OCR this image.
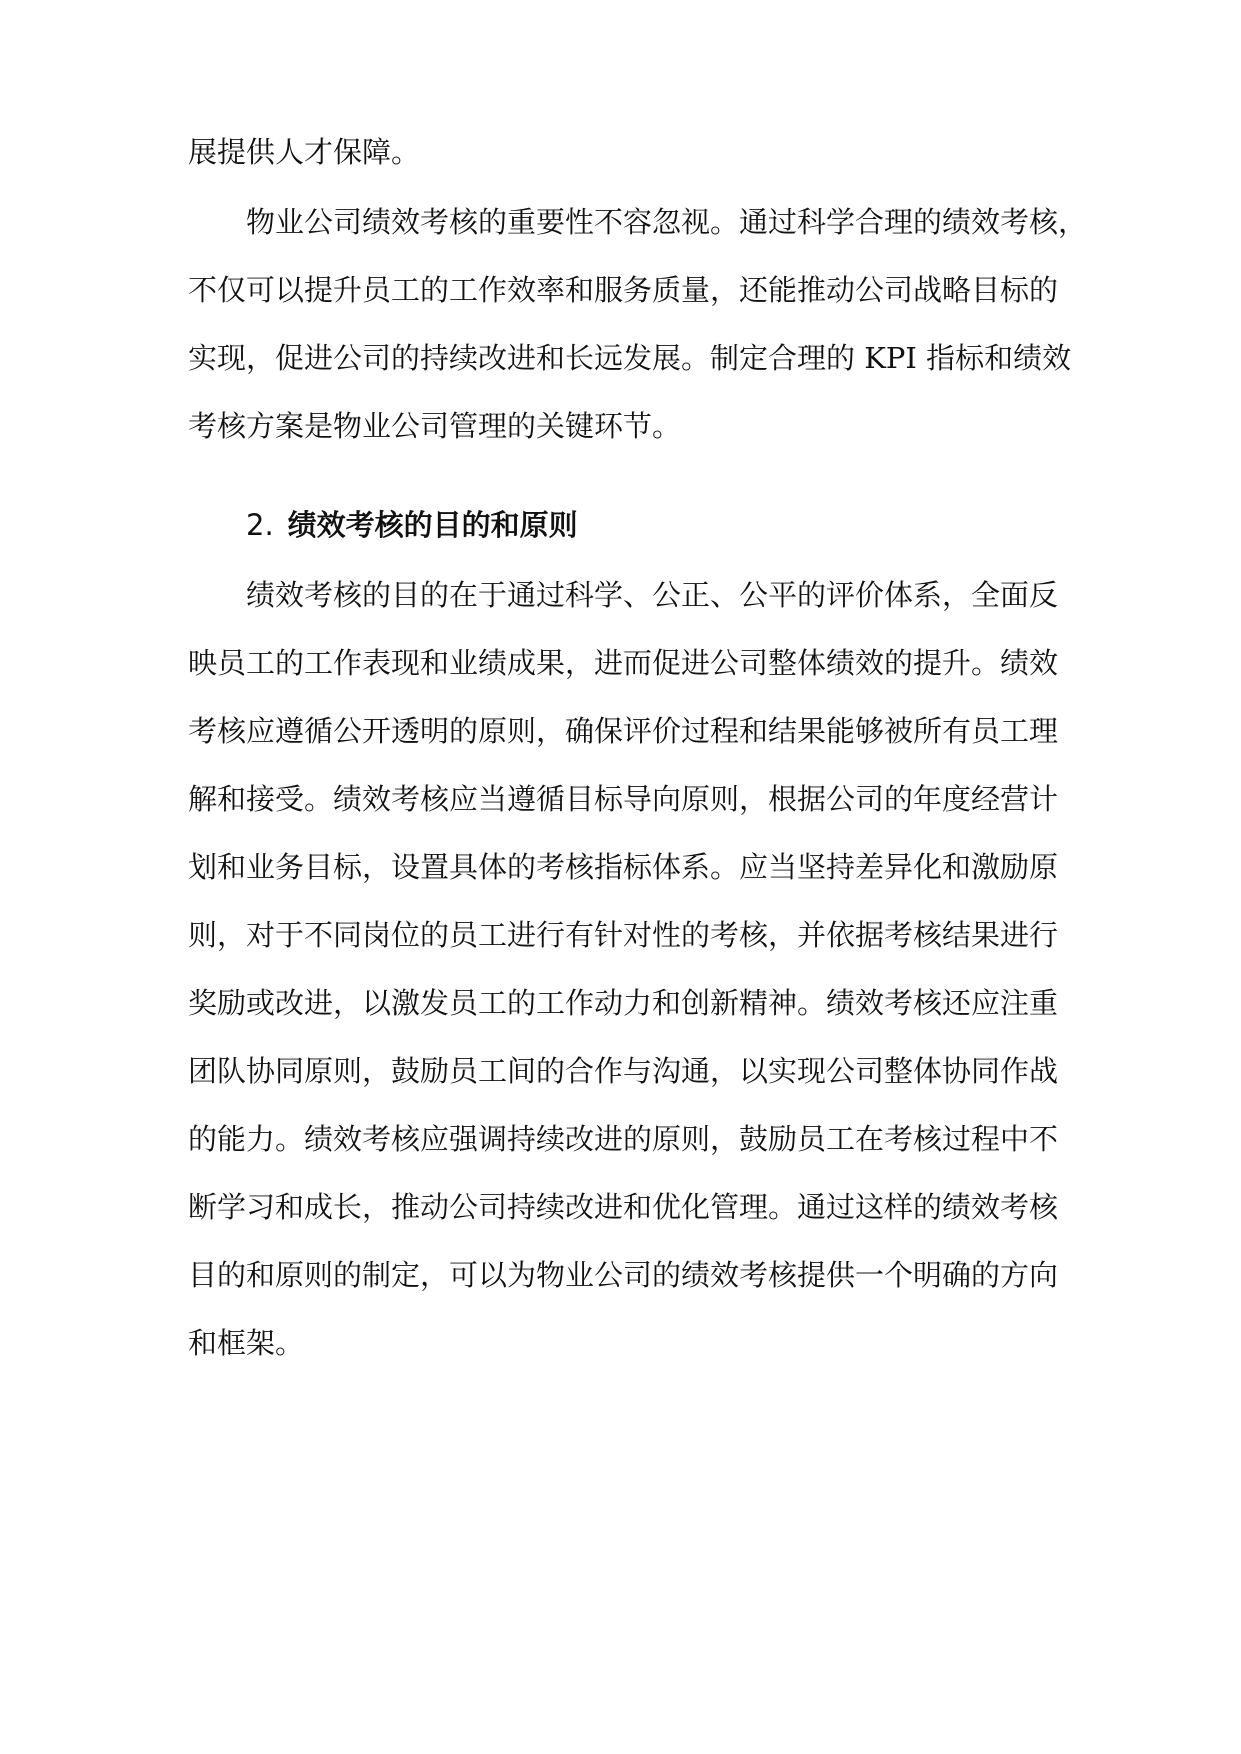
展提供人才保障。
物业公司绩效考核的重要性不容忽视。通过科学合理的绩效考核，
不仅可以提升员工的工作效率和服务质量，还能推动公司战略目标的
实现，促进公司的持续改进和长远发展。制定合理的 KPI 指标和绩效
考核方案是物业公司管理的关键环节。
2. 绩效考核的目的和原则
绩效考核的目的在于通过科学、公正、公平的评价体系，全面反
映员工的工作表现和业绩成果，进而促进公司整体绩效的提升。绩效
考核应遵循公开透明的原则，确保评价过程和结果能够被所有员工理
解和接受。绩效考核应当遵循目标导向原则，根据公司的年度经营计
划和业务目标，设置具体的考核指标体系。应当坚持差异化和激励原
则，对于不同岗位的员工进行有针对性的考核，并依据考核结果进行
奖励或改进，以激发员工的工作动力和创新精神。绩效考核还应注重
团队协同原则，鼓励员工间的合作与沟通，以实现公司整体协同作战
的能力。绩效考核应强调持续改进的原则，鼓励员工在考核过程中不
断学习和成长，推动公司持续改进和优化管理。通过这样的绩效考核
目的和原则的制定，可以为物业公司的绩效考核提供一个明确的方向
和框架。
